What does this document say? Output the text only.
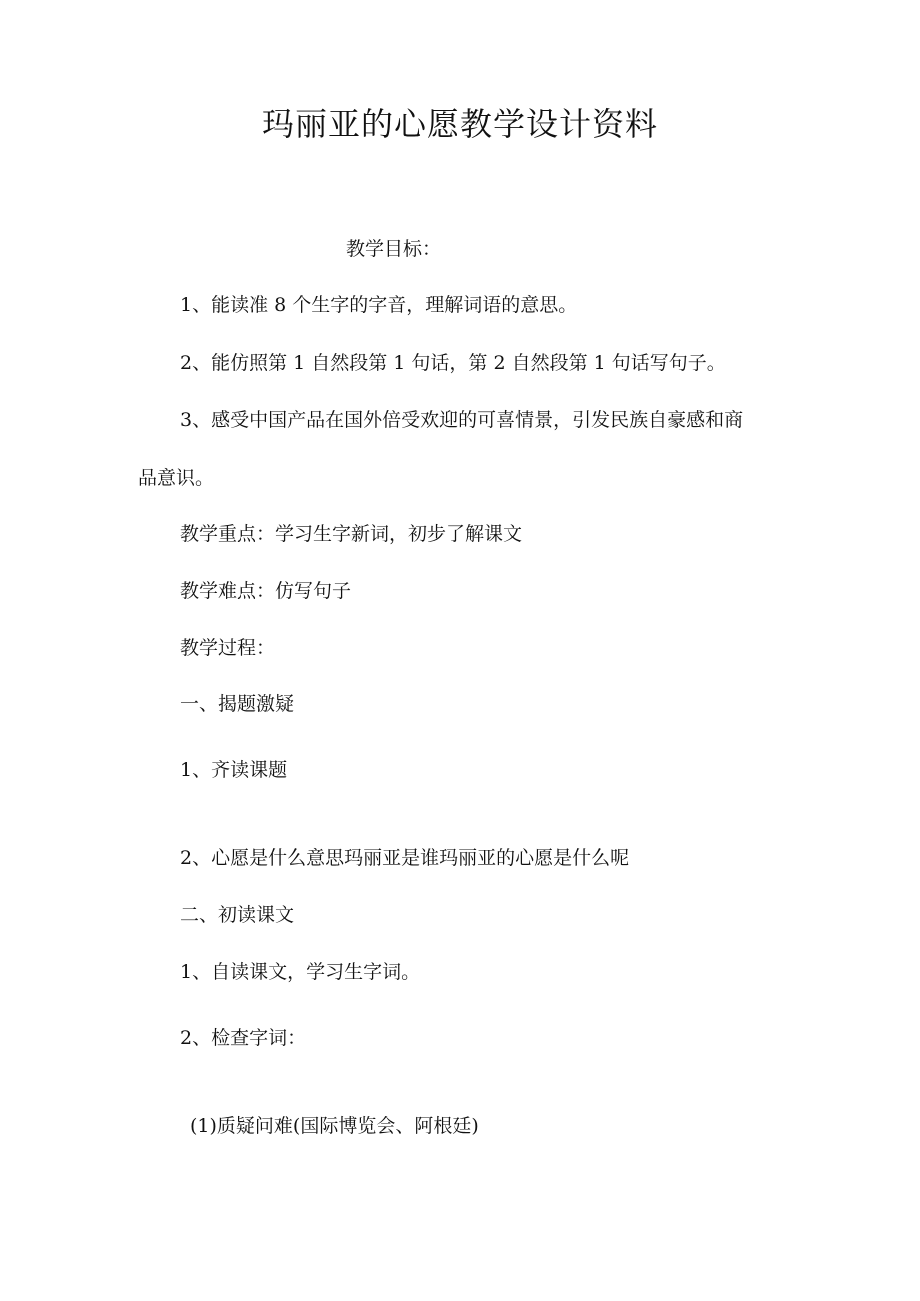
玛丽亚的心愿教学设计资料
教学目标：
1、能读准 8 个生字的字音，理解词语的意思。
2、能仿照第 1 自然段第 1 句话，第 2 自然段第 1 句话写句子。
3、感受中国产品在国外倍受欢迎的可喜情景，引发民族自豪感和商
品意识。
教学重点：学习生字新词，初步了解课文
教学难点：仿写句子
教学过程：
一、揭题激疑
1、齐读课题
2、心愿是什么意思玛丽亚是谁玛丽亚的心愿是什么呢
二、初读课文
1、自读课文，学习生字词。
2、检查字词：
(1)质疑问难(国际博览会、阿根廷)
